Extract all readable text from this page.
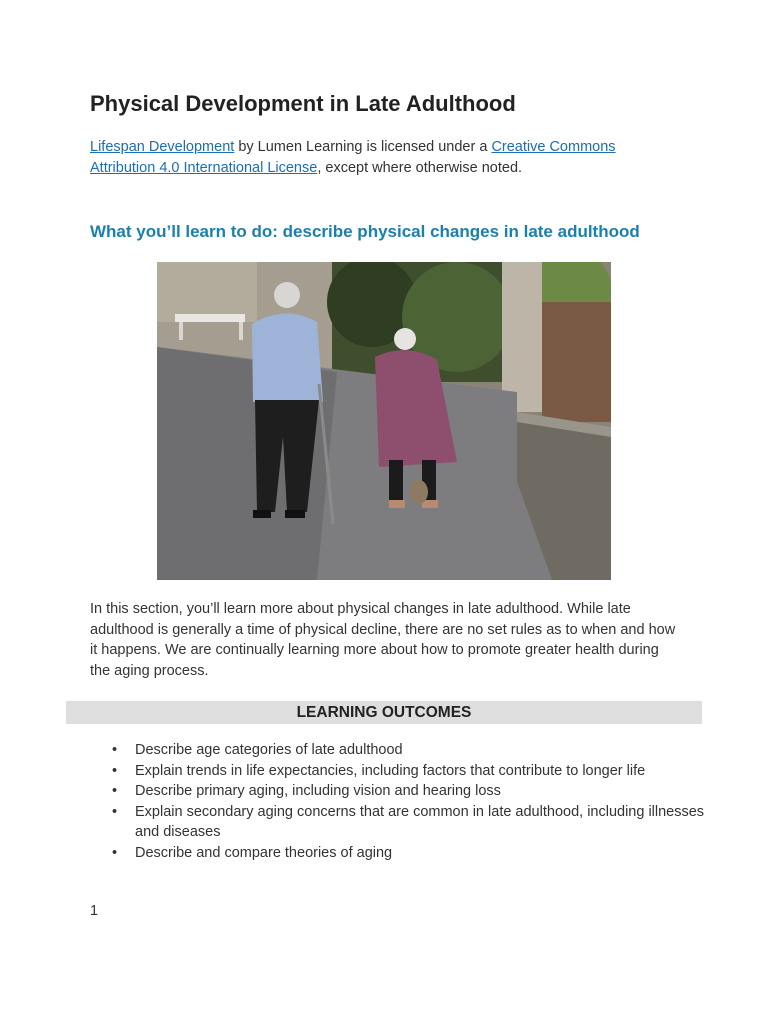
Physical Development in Late Adulthood

Lifespan Development by Lumen Learning is licensed under a Creative Commons Attribution 4.0 International License, except where otherwise noted.

What you’ll learn to do: describe physical changes in late adulthood

In this section, you’ll learn more about physical changes in late adulthood. While late adulthood is generally a time of physical decline, there are no set rules as to when and how it happens. We are continually learning more about how to promote greater health during the aging process.

LEARNING OUTCOMES
• Describe age categories of late adulthood
• Explain trends in life expectancies, including factors that contribute to longer life
• Describe primary aging, including vision and hearing loss
• Explain secondary aging concerns that are common in late adulthood, including illnesses and diseases
• Describe and compare theories of aging
1
